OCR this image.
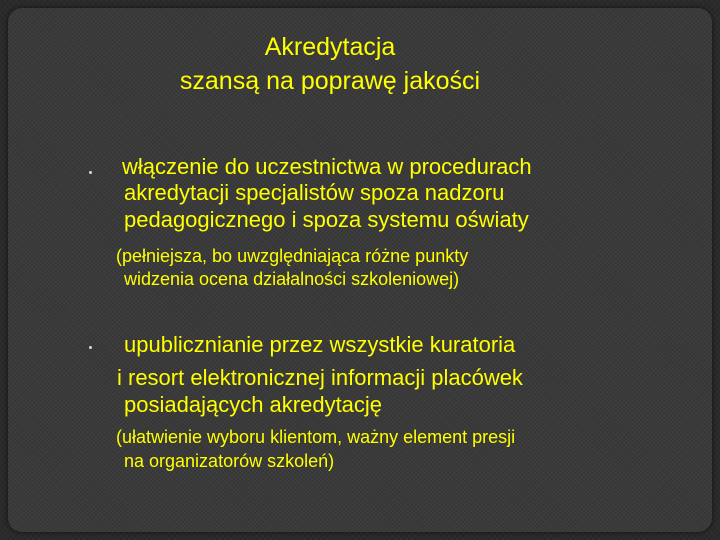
Akredytacja
szansą na poprawę jakości
włączenie do uczestnictwa w procedurach
akredytacji specjalistów spoza nadzoru
pedagogicznego i spoza systemu oświaty
(pełniejsza, bo uwzględniająca różne punkty
widzenia ocena działalności szkoleniowej)
upublicznianie przez wszystkie kuratoria
i resort elektronicznej informacji placówek
posiadających akredytację
(ułatwienie wyboru klientom, ważny element presji
na organizatorów szkoleń)
